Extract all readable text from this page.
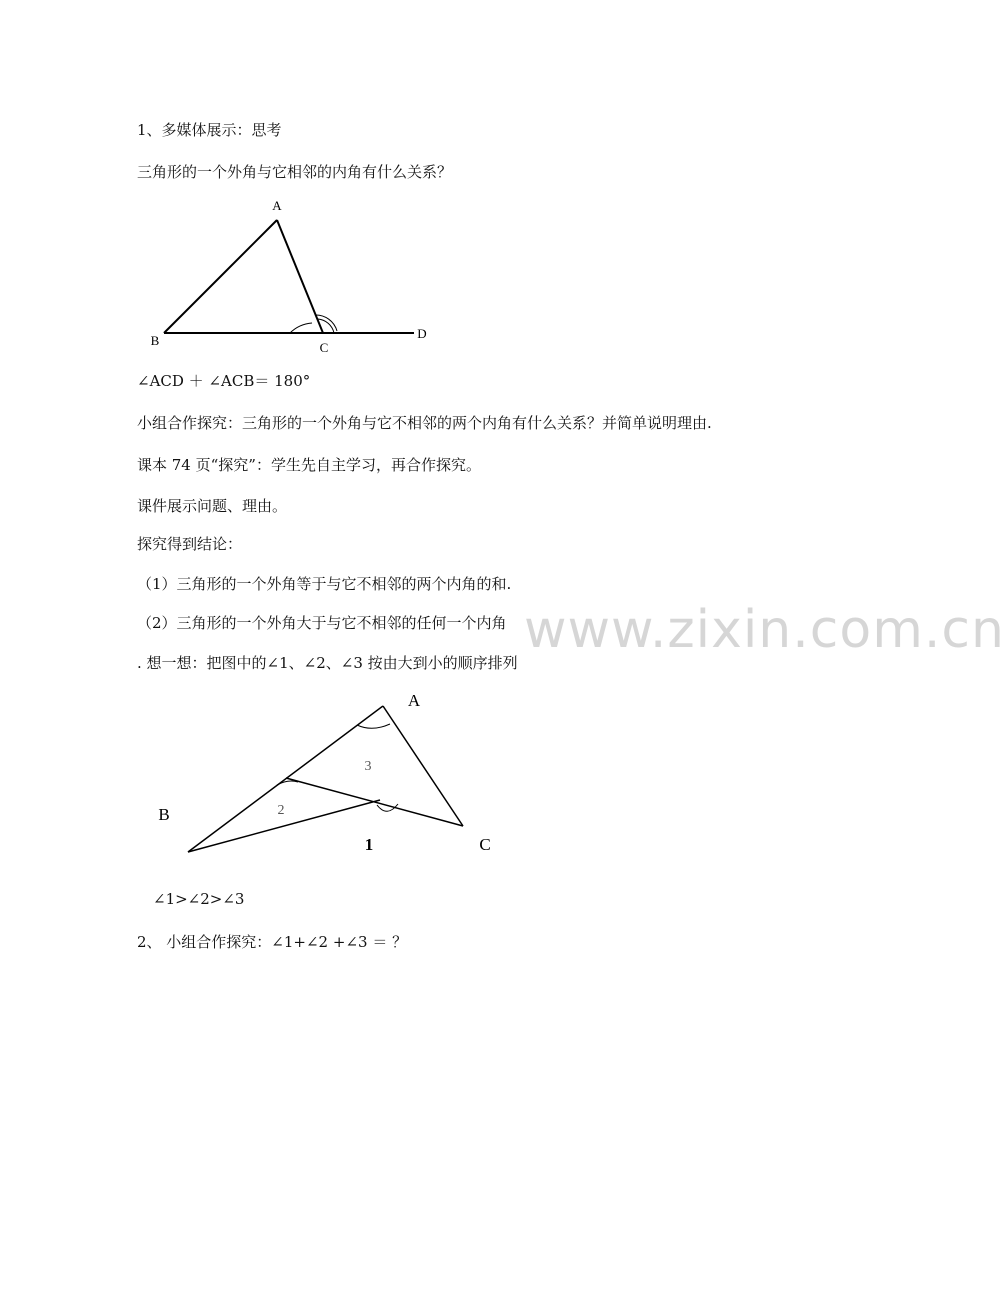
1、多媒体展示：思考
三角形的一个外角与它相邻的内角有什么关系？
A
B	C
D
∠ACD ＋ ∠ACB＝ 180°
小组合作探究：三角形的一个外角与它不相邻的两个内角有什么关系？并简单说明理由.
课本 74 页“探究”：学生先自主学习，再合作探究。
课件展示问题、理由。
探究得到结论：
（1）三角形的一个外角等于与它不相邻的两个内角的和.
（2）三角形的一个外角大于与它不相邻的任何一个内角
. 想一想：把图中的∠1、∠2、∠3 按由大到小的顺序排列
A
B
C
1
2
3
∠1>∠2>∠3
2、 小组合作探究：∠1+∠2 +∠3 ＝ ？
www.zixin.com.cn
